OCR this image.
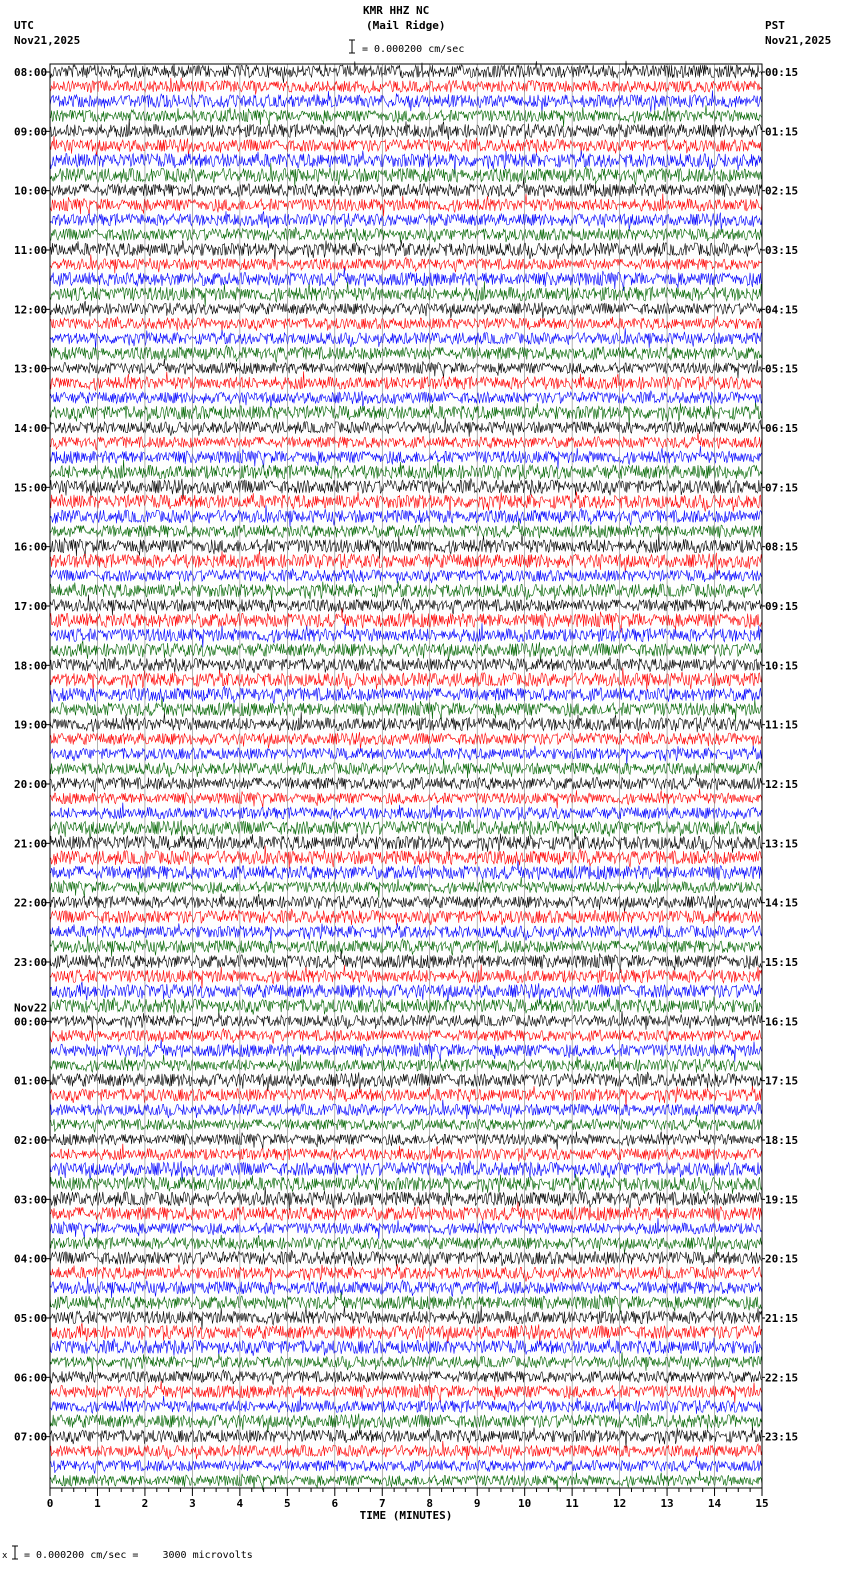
KMR HHZ NC
(Mail Ridge)
UTC
Nov21,2025
PST
Nov21,2025
= 0.000200 cm/sec
08:00	00:15
09:00	01:15
10:00	02:15
11:00	03:15
12:00	04:15
13:00	05:15
14:00	06:15
15:00	07:15
16:00	08:15
17:00	09:15
18:00	10:15
19:00	11:15
20:00	12:15
21:00	13:15
22:00	14:15
23:00	15:15
00:00	16:15
01:00	17:15
02:00	18:15
03:00	19:15
04:00	20:15
05:00	21:15
06:00	22:15
07:00	23:15
Nov22
0	1	2	3	4	5	6	7	8	9	10	11	12	13	14	15
TIME (MINUTES)
x = 0.000200 cm/sec =    3000 microvolts
